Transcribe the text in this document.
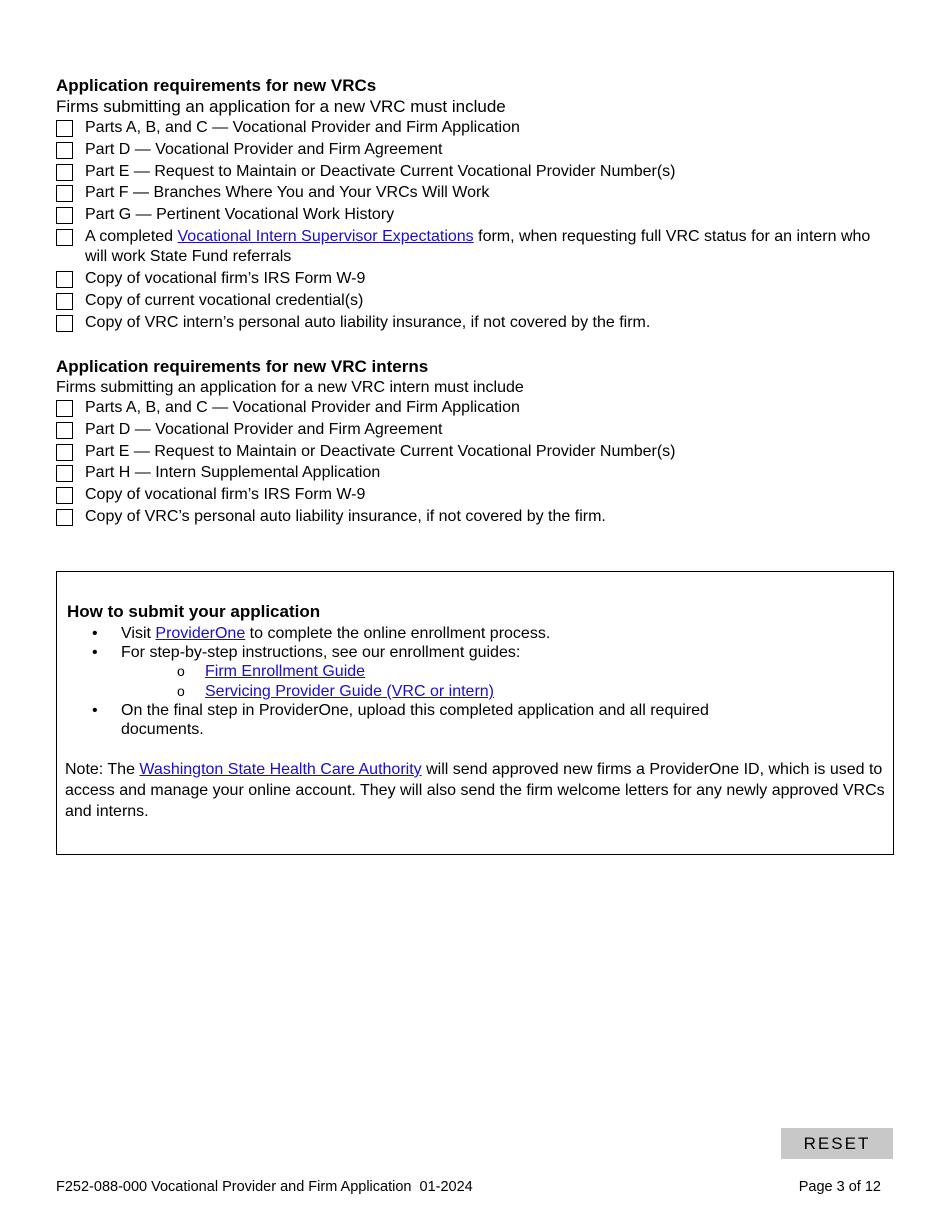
Application requirements for new VRCs
Firms submitting an application for a new VRC must include
Parts A, B, and C — Vocational Provider and Firm Application
Part D — Vocational Provider and Firm Agreement
Part E — Request to Maintain or Deactivate Current Vocational Provider Number(s)
Part F — Branches Where You and Your VRCs Will Work
Part G — Pertinent Vocational Work History
A completed Vocational Intern Supervisor Expectations form, when requesting full VRC status for an intern who will work State Fund referrals
Copy of vocational firm’s IRS Form W-9
Copy of current vocational credential(s)
Copy of VRC intern’s personal auto liability insurance, if not covered by the firm.
Application requirements for new VRC interns
Firms submitting an application for a new VRC intern must include
Parts A, B, and C — Vocational Provider and Firm Application
Part D — Vocational Provider and Firm Agreement
Part E — Request to Maintain or Deactivate Current Vocational Provider Number(s)
Part H — Intern Supplemental Application
Copy of vocational firm’s IRS Form W-9
Copy of VRC’s personal auto liability insurance, if not covered by the firm.
How to submit your application
• Visit ProviderOne to complete the online enrollment process.
• For step-by-step instructions, see our enrollment guides:
o Firm Enrollment Guide
o Servicing Provider Guide (VRC or intern)
• On the final step in ProviderOne, upload this completed application and all required
documents.
Note: The Washington State Health Care Authority will send approved new firms a ProviderOne ID, which is used to access and manage your online account. They will also send the firm welcome letters for any newly approved VRCs and interns.
RESET
F252-088-000 Vocational Provider and Firm Application  01-2024	Page 3 of 12
